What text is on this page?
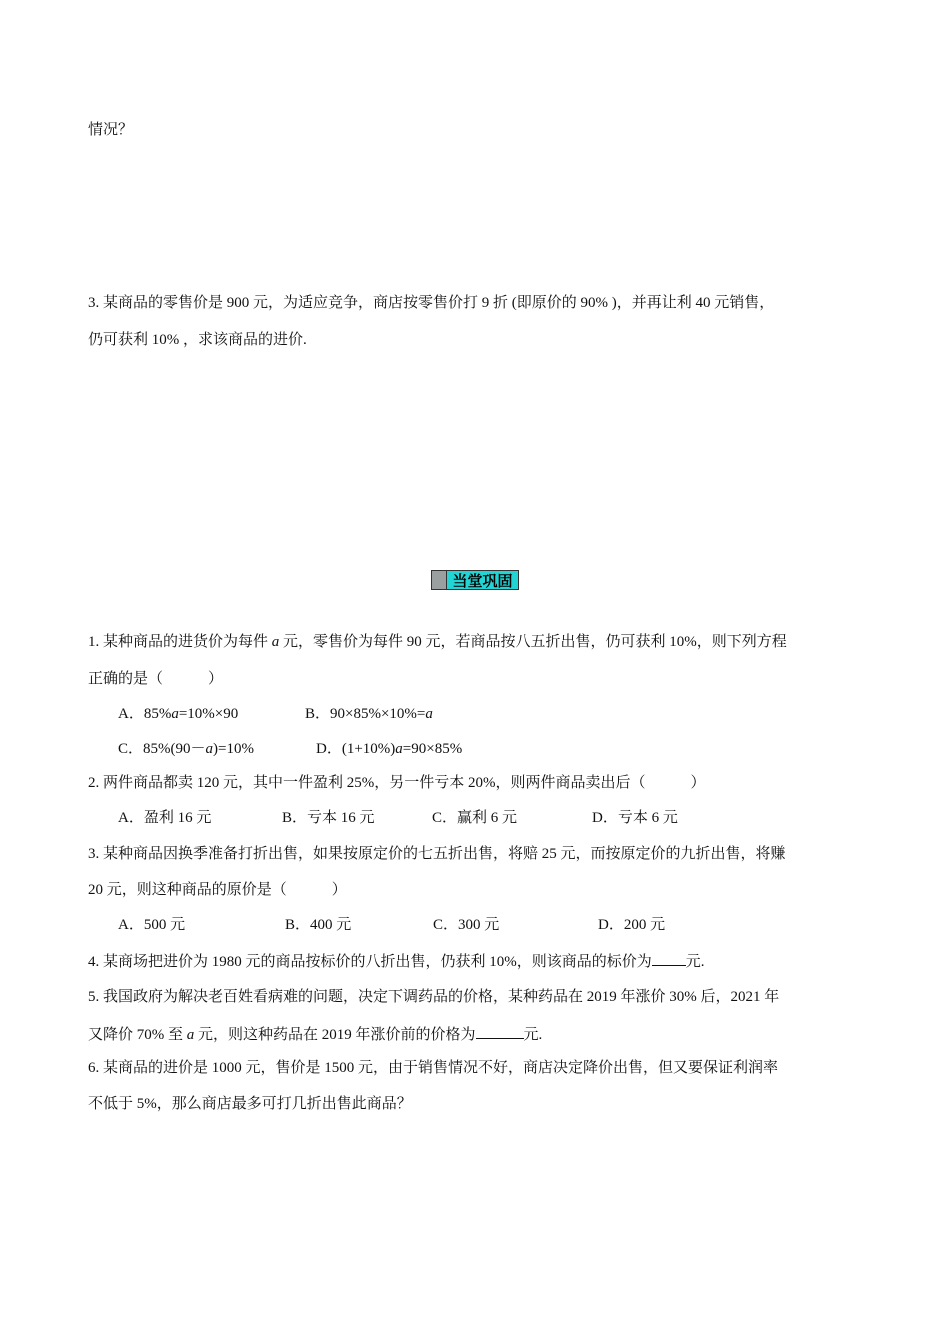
情况？
3. 某商品的零售价是 900 元，为适应竞争，商店按零售价打 9 折 (即原价的 90% )，并再让利 40 元销售，
仍可获利 10% ，求该商品的进价.
当堂巩固
1. 某种商品的进货价为每件 a 元，零售价为每件 90 元，若商品按八五折出售，仍可获利 10%，则下列方程
正确的是（　　　）
A．85%a=10%×90	B．90×85%×10%=a
C．85%(90－a)=10%	D．(1+10%)a=90×85%
2. 两件商品都卖 120 元，其中一件盈利 25%，另一件亏本 20%，则两件商品卖出后（　　　）
A．盈利 16 元	B．亏本 16 元	C．赢利 6 元	D．亏本 6 元
3. 某种商品因换季准备打折出售，如果按原定价的七五折出售，将赔 25 元，而按原定价的九折出售，将赚
20 元，则这种商品的原价是（　　　）
A．500 元	B．400 元	C．300 元	D．200 元
4. 某商场把进价为 1980 元的商品按标价的八折出售，仍获利 10%，则该商品的标价为 元.
5. 我国政府为解决老百姓看病难的问题，决定下调药品的价格，某种药品在 2019 年涨价 30% 后，2021 年
又降价 70% 至 a 元，则这种药品在 2019 年涨价前的价格为	元.
6. 某商品的进价是 1000 元，售价是 1500 元，由于销售情况不好，商店决定降价出售，但又要保证利润率
不低于 5%，那么商店最多可打几折出售此商品？
